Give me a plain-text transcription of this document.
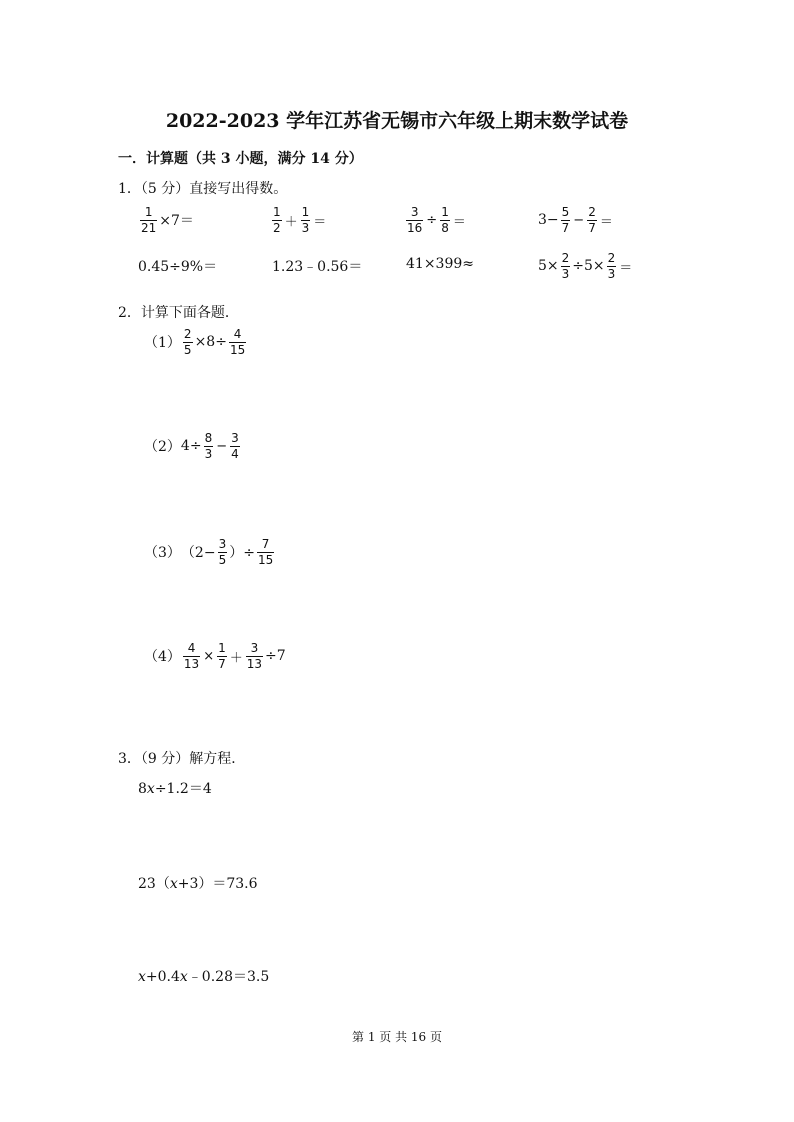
2022-2023 学年江苏省无锡市六年级上期末数学试卷
一．计算题（共 3 小题，满分 14 分）
1．（5 分）直接写出得数。
$\frac{1}{21} \times 7=$	$\frac{1}{2} + \frac{1}{3}$ ＝	$\frac{3}{16} \div \frac{1}{8}$ ＝	$3- \frac{5}{7} - \frac{2}{7}$ ＝
0.45÷9%＝	1.23﹣0.56＝	41×399≈	$5\times \frac{2}{3} \div 5\times \frac{2}{3}$ ＝
2．计算下面各题．
$(1) \frac{2}{5} \times 8\div \frac{4}{15}$
（2） $4\div \frac{8}{3} - \frac{3}{4}$
（3） （$2- \frac{3}{5}$ ）÷ $\frac{7}{15}$
$(4) \frac{4}{13} \times \frac{1}{7} + \frac{3}{13} \div 7$
3．（9 分）解方程．
8x÷1.2＝4
23（x+3）＝73.6
x+0.4x﹣0.28＝3.5
第 1 页 共 16 页
